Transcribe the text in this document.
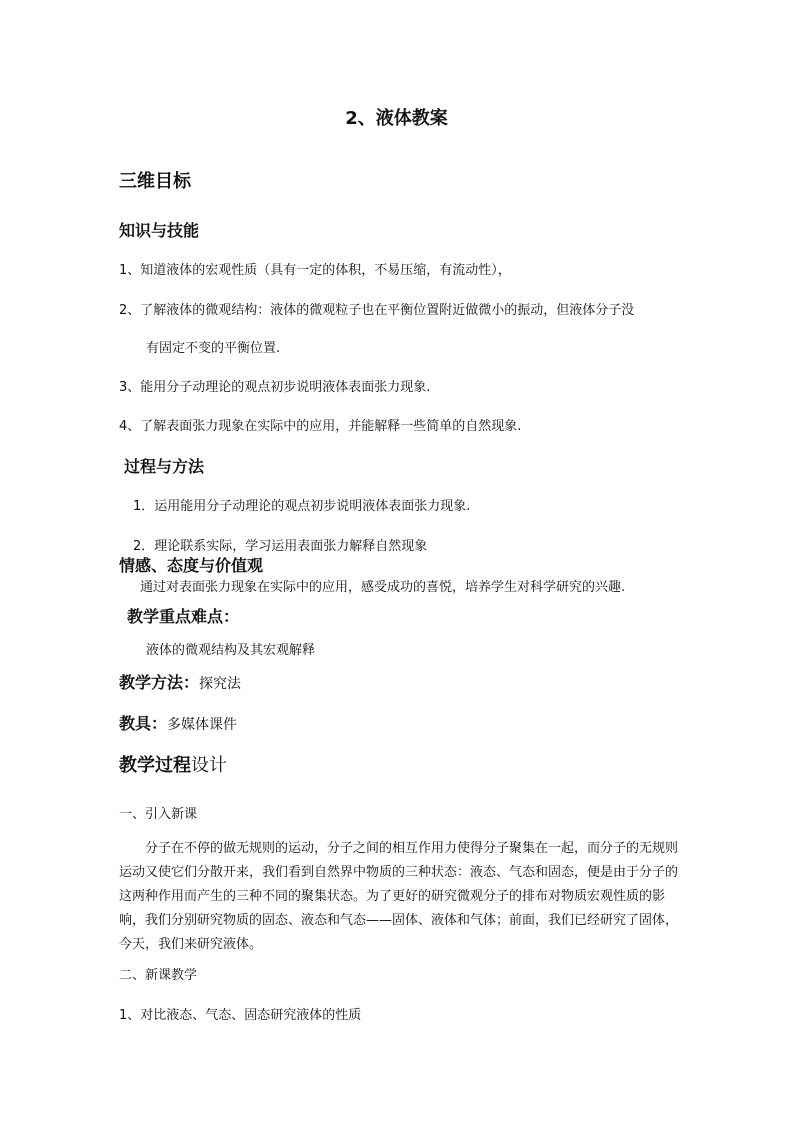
2、液体教案
三维目标
知识与技能
1、知道液体的宏观性质（具有一定的体积，不易压缩，有流动性），
2、了解液体的微观结构：液体的微观粒子也在平衡位置附近做微小的振动，但液体分子没
有固定不变的平衡位置.
3、能用分子动理论的观点初步说明液体表面张力现象.
4、了解表面张力现象在实际中的应用，并能解释一些简单的自然现象.
过程与方法
1．运用能用分子动理论的观点初步说明液体表面张力现象.
2．理论联系实际，学习运用表面张力解释自然现象
情感、态度与价值观
通过对表面张力现象在实际中的应用，感受成功的喜悦，培养学生对科学研究的兴趣.
教学重点难点：
液体的微观结构及其宏观解释
教学方法：探究法
教具：多媒体课件
教学过程设计
一、引入新课

分子在不停的做无规则的运动，分子之间的相互作用力使得分子聚集在一起，而分子的无规则运动又使它们分散开来，我们看到自然界中物质的三种状态：液态、气态和固态，便是由于分子的这两种作用而产生的三种不同的聚集状态。为了更好的研究微观分子的排布对物质宏观性质的影响，我们分别研究物质的固态、液态和气态——固体、液体和气体；前面，我们已经研究了固体，今天，我们来研究液体。

二、新课教学
1、对比液态、气态、固态研究液体的性质
